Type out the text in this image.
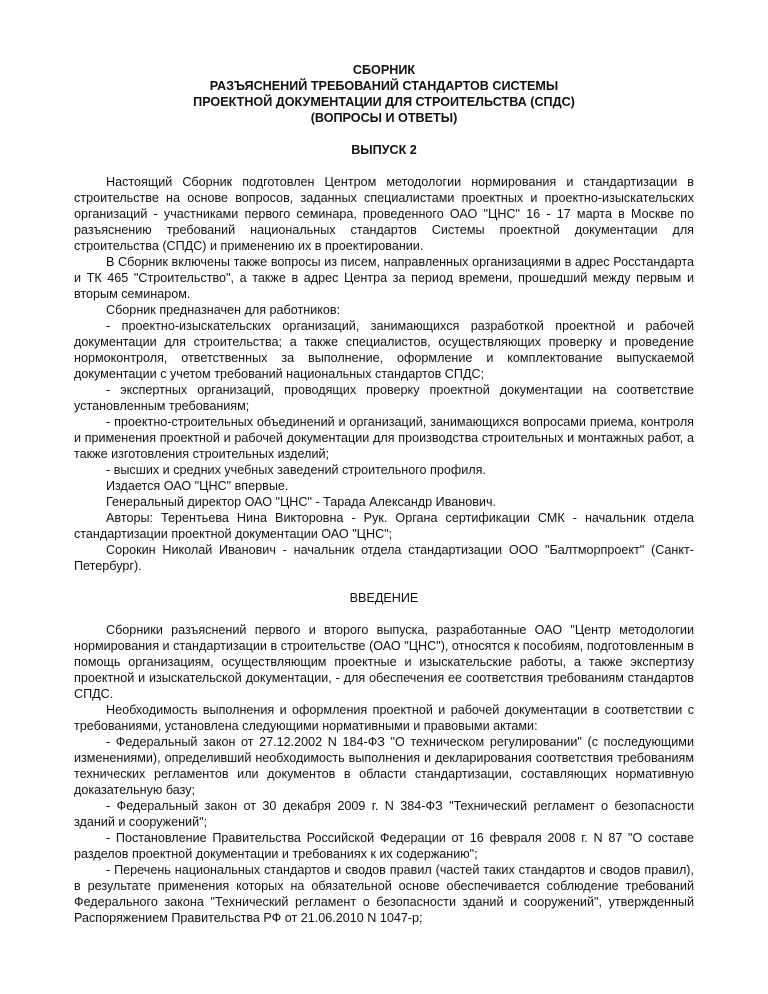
СБОРНИК
РАЗЪЯСНЕНИЙ ТРЕБОВАНИЙ СТАНДАРТОВ СИСТЕМЫ
ПРОЕКТНОЙ ДОКУМЕНТАЦИИ ДЛЯ СТРОИТЕЛЬСТВА (СПДС)
(ВОПРОСЫ И ОТВЕТЫ)
ВЫПУСК 2

Настоящий Сборник подготовлен Центром методологии нормирования и стандартизации в строительстве на основе вопросов, заданных специалистами проектных и проектно-изыскательских организаций - участниками первого семинара, проведенного ОАО "ЦНС" 16 - 17 марта в Москве по разъяснению требований национальных стандартов Системы проектной документации для строительства (СПДС) и применению их в проектировании.

В Сборник включены также вопросы из писем, направленных организациями в адрес Росстандарта и ТК 465 "Строительство", а также в адрес Центра за период времени, прошедший между первым и вторым семинаром.

Сборник предназначен для работников:

- проектно-изыскательских организаций, занимающихся разработкой проектной и рабочей документации для строительства; а также специалистов, осуществляющих проверку и проведение нормоконтроля, ответственных за выполнение, оформление и комплектование выпускаемой документации с учетом требований национальных стандартов СПДС;

- экспертных организаций, проводящих проверку проектной документации на соответствие установленным требованиям;

- проектно-строительных объединений и организаций, занимающихся вопросами приема, контроля и применения проектной и рабочей документации для производства строительных и монтажных работ, а также изготовления строительных изделий;

- высших и средних учебных заведений строительного профиля.

Издается ОАО "ЦНС" впервые.

Генеральный директор ОАО "ЦНС" - Тарада Александр Иванович.

Авторы: Терентьева Нина Викторовна - Рук. Органа сертификации СМК - начальник отдела стандартизации проектной документации ОАО "ЦНС";

Сорокин Николай Иванович - начальник отдела стандартизации ООО "Балтморпроект" (Санкт-Петербург).

ВВЕДЕНИЕ

Сборники разъяснений первого и второго выпуска, разработанные ОАО "Центр методологии нормирования и стандартизации в строительстве (ОАО "ЦНС"), относятся к пособиям, подготовленным в помощь организациям, осуществляющим проектные и изыскательские работы, а также экспертизу проектной и изыскательской документации, - для обеспечения ее соответствия требованиям стандартов СПДС.

Необходимость выполнения и оформления проектной и рабочей документации в соответствии с требованиями, установлена следующими нормативными и правовыми актами:

- Федеральный закон от 27.12.2002 N 184-ФЗ "О техническом регулировании" (с последующими изменениями), определивший необходимость выполнения и декларирования соответствия требованиям технических регламентов или документов в области стандартизации, составляющих нормативную доказательную базу;

- Федеральный закон от 30 декабря 2009 г. N 384-ФЗ "Технический регламент о безопасности зданий и сооружений";

- Постановление Правительства Российской Федерации от 16 февраля 2008 г. N 87 "О составе разделов проектной документации и требованиях к их содержанию";

- Перечень национальных стандартов и сводов правил (частей таких стандартов и сводов правил), в результате применения которых на обязательной основе обеспечивается соблюдение требований Федерального закона "Технический регламент о безопасности зданий и сооружений", утвержденный Распоряжением Правительства РФ от 21.06.2010 N 1047-р;
